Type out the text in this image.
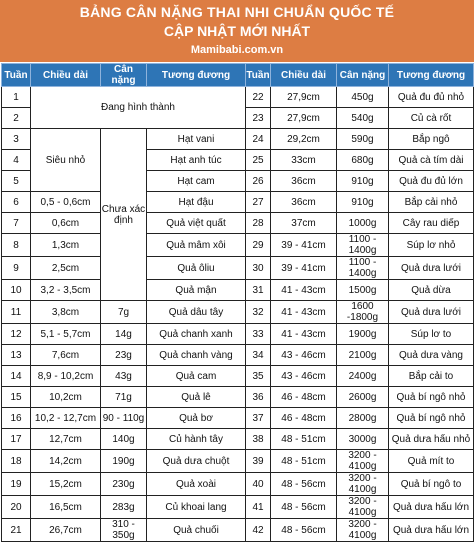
BẢNG CÂN NẶNG THAI NHI CHUẨN QUỐC TẾ
CẬP NHẬT MỚI NHẤT
Mamibabi.com.vn
Tuần	Chiều dài	Cân nặng	Tương đương	Tuần	Chiều dài	Cân nặng	Tương đương
1	Đang hình thành			22	27,9cm	450g	Quả đu đủ nhỏ
2				23	27,9cm	540g	Củ cà rốt
3	Siêu nhỏ	Chưa xác định	Hạt vani	24	29,2cm	590g	Bắp ngô
4			Hạt anh túc	25	33cm	680g	Quả cà tím dài
5			Hạt cam	26	36cm	910g	Quả đu đủ lớn
6	0,5 - 0,6cm		Hạt đậu	27	36cm	910g	Bắp cải nhỏ
7	0,6cm		Quả việt quất	28	37cm	1000g	Cây rau diếp
8	1,3cm		Quả mâm xôi	29	39 - 41cm	1100 - 1400g	Súp lơ nhỏ
9	2,5cm		Quả ôliu	30	39 - 41cm	1100 - 1400g	Quả dưa lưới
10	3,2 - 3,5cm		Quả mận	31	41 - 43cm	1500g	Quả dừa
11	3,8cm	7g	Quả dâu tây	32	41 - 43cm	1600 -1800g	Quả dưa lưới
12	5,1 - 5,7cm	14g	Quả chanh xanh	33	41 - 43cm	1900g	Súp lơ to
13	7,6cm	23g	Quả chanh vàng	34	43 - 46cm	2100g	Quả dưa vàng
14	8,9 - 10,2cm	43g	Quả cam	35	43 - 46cm	2400g	Bắp cải to
15	10,2cm	71g	Quả lê	36	46 - 48cm	2600g	Quả bí ngô nhỏ
16	10,2 - 12,7cm	90 - 110g	Quả bơ	37	46 - 48cm	2800g	Quả bí ngô nhỏ
17	12,7cm	140g	Củ hành tây	38	48 - 51cm	3000g	Quả dưa hấu nhỏ
18	14,2cm	190g	Quả dưa chuột	39	48 - 51cm	3200 - 4100g	Quả mít to
19	15,2cm	230g	Quả xoài	40	48 - 56cm	3200 - 4100g	Quả bí ngô to
20	16,5cm	283g	Củ khoai lang	41	48 - 56cm	3200 - 4100g	Quả dưa hấu lớn
21	26,7cm	310 - 350g	Quả chuối	42	48 - 56cm	3200 - 4100g	Quả dưa hấu lớn
